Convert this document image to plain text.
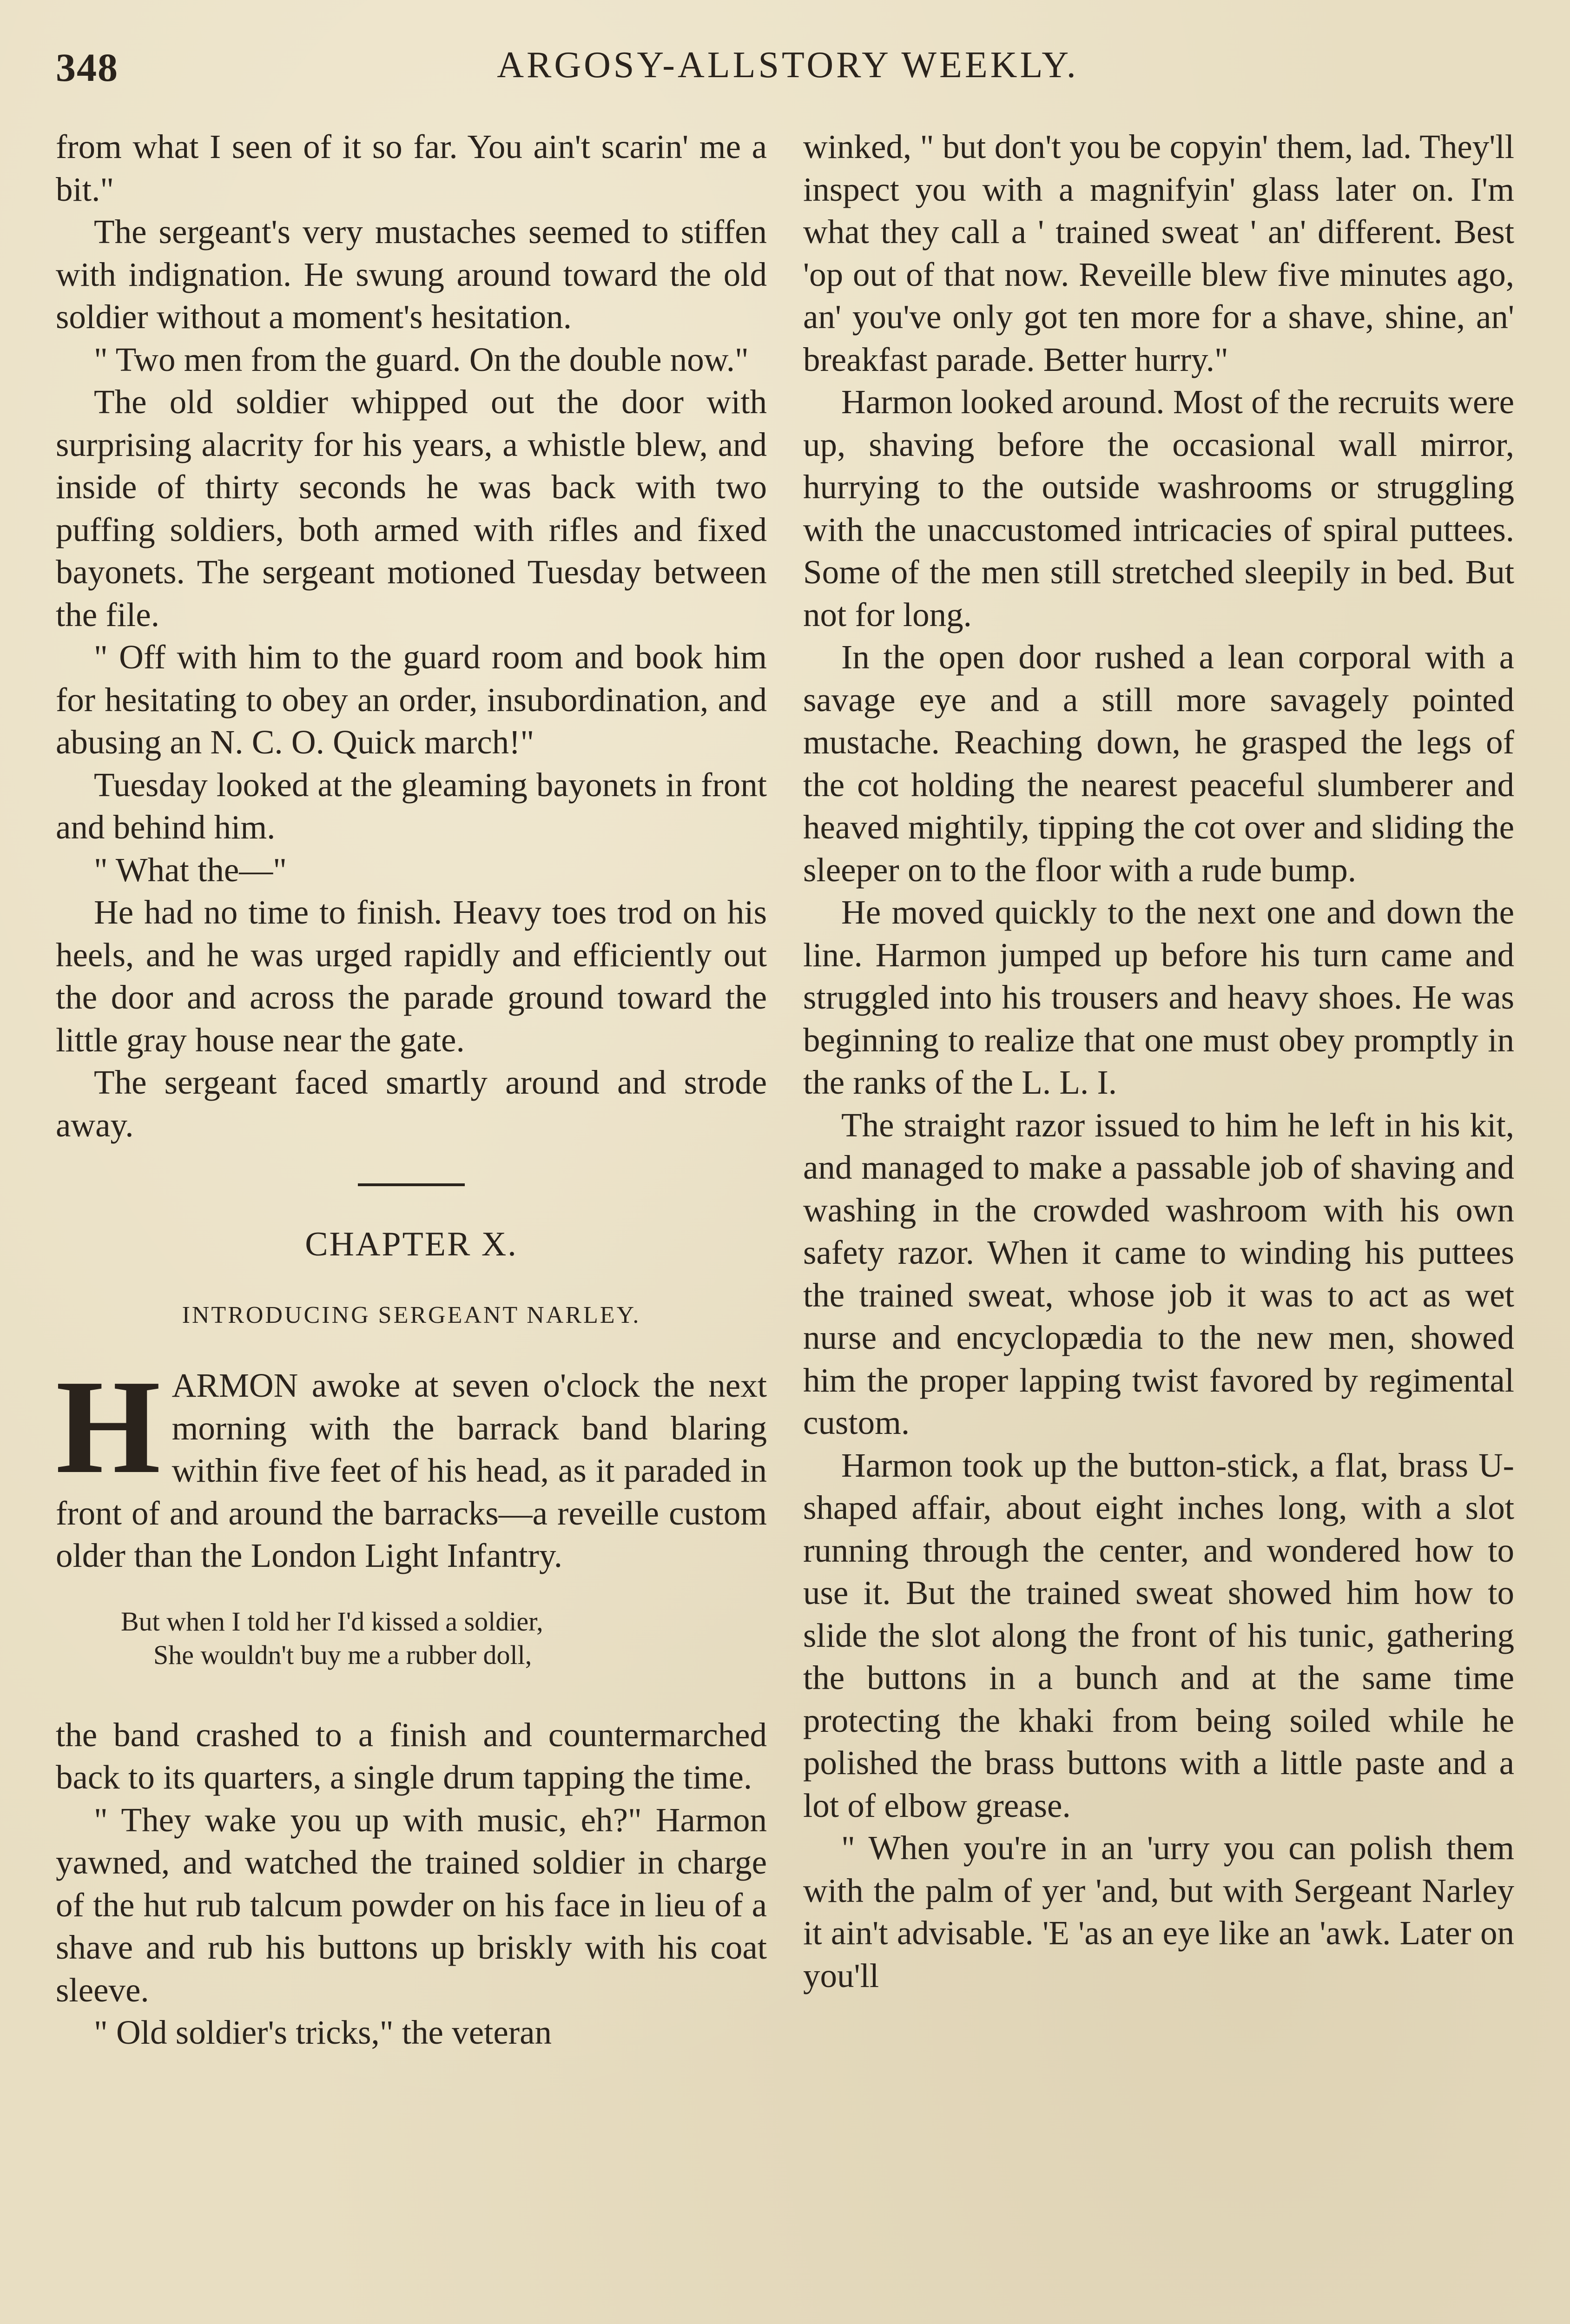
348	ARGOSY-ALLSTORY WEEKLY.

from what I seen of it so far. You ain't scarin' me a bit."

The sergeant's very mustaches seemed to stiffen with indignation. He swung around toward the old soldier without a moment's hesitation.

" Two men from the guard. On the double now."

The old soldier whipped out the door with surprising alacrity for his years, a whistle blew, and inside of thirty seconds he was back with two puffing soldiers, both armed with rifles and fixed bayonets. The sergeant motioned Tuesday between the file.

" Off with him to the guard room and book him for hesitating to obey an order, insubordination, and abusing an N. C. O. Quick march!"

Tuesday looked at the gleaming bayonets in front and behind him.

" What the—"

He had no time to finish. Heavy toes trod on his heels, and he was urged rapidly and efficiently out the door and across the parade ground toward the little gray house near the gate.

The sergeant faced smartly around and strode away.

CHAPTER X.
INTRODUCING SERGEANT NARLEY.

HARMON awoke at seven o'clock the next morning with the barrack band blaring within five feet of his head, as it paraded in front of and around the barracks—a reveille custom older than the London Light Infantry.

But when I told her I'd kissed a soldier,
She wouldn't buy me a rubber doll,

the band crashed to a finish and countermarched back to its quarters, a single drum tapping the time.

" They wake you up with music, eh?" Harmon yawned, and watched the trained soldier in charge of the hut rub talcum powder on his face in lieu of a shave and rub his buttons up briskly with his coat sleeve.

" Old soldier's tricks," the veteran

winked, " but don't you be copyin' them, lad. They'll inspect you with a magnifyin' glass later on. I'm what they call a ' trained sweat ' an' different. Best 'op out of that now. Reveille blew five minutes ago, an' you've only got ten more for a shave, shine, an' breakfast parade. Better hurry."

Harmon looked around. Most of the recruits were up, shaving before the occasional wall mirror, hurrying to the outside washrooms or struggling with the unaccustomed intricacies of spiral puttees. Some of the men still stretched sleepily in bed. But not for long.

In the open door rushed a lean corporal with a savage eye and a still more savagely pointed mustache. Reaching down, he grasped the legs of the cot holding the nearest peaceful slumberer and heaved mightily, tipping the cot over and sliding the sleeper on to the floor with a rude bump.

He moved quickly to the next one and down the line. Harmon jumped up before his turn came and struggled into his trousers and heavy shoes. He was beginning to realize that one must obey promptly in the ranks of the L. L. I.

The straight razor issued to him he left in his kit, and managed to make a passable job of shaving and washing in the crowded washroom with his own safety razor. When it came to winding his puttees the trained sweat, whose job it was to act as wet nurse and encyclopædia to the new men, showed him the proper lapping twist favored by regimental custom.

Harmon took up the button-stick, a flat, brass U-shaped affair, about eight inches long, with a slot running through the center, and wondered how to use it. But the trained sweat showed him how to slide the slot along the front of his tunic, gathering the buttons in a bunch and at the same time protecting the khaki from being soiled while he polished the brass buttons with a little paste and a lot of elbow grease.

" When you're in an 'urry you can polish them with the palm of yer 'and, but with Sergeant Narley it ain't advisable. 'E 'as an eye like an 'awk. Later on you'll
